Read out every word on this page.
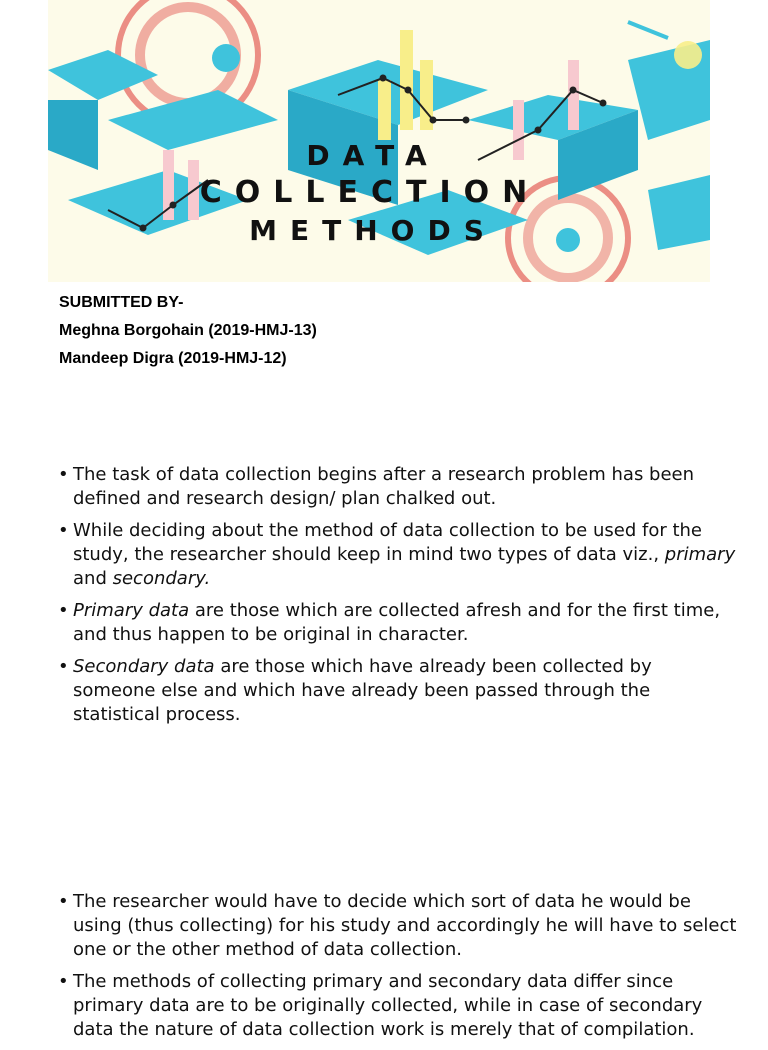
DATA
COLLECTION
METHODS
SUBMITTED BY-
Meghna Borgohain (2019-HMJ-13)
Mandeep Digra (2019-HMJ-12)
• The task of data collection begins after a research problem has been defined and research design/ plan chalked out.
• While deciding about the method of data collection to be used for the study, the researcher should keep in mind two types of data viz., primary and secondary.
• Primary data are those which are collected afresh and for the first time, and thus happen to be original in character.
• Secondary data are those which have already been collected by someone else and which have already been passed through the statistical process.
• The researcher would have to decide which sort of data he would be using (thus collecting) for his study and accordingly he will have to select one or the other method of data collection.
• The methods of collecting primary and secondary data differ since primary data are to be originally collected, while in case of secondary data the nature of data collection work is merely that of compilation.
